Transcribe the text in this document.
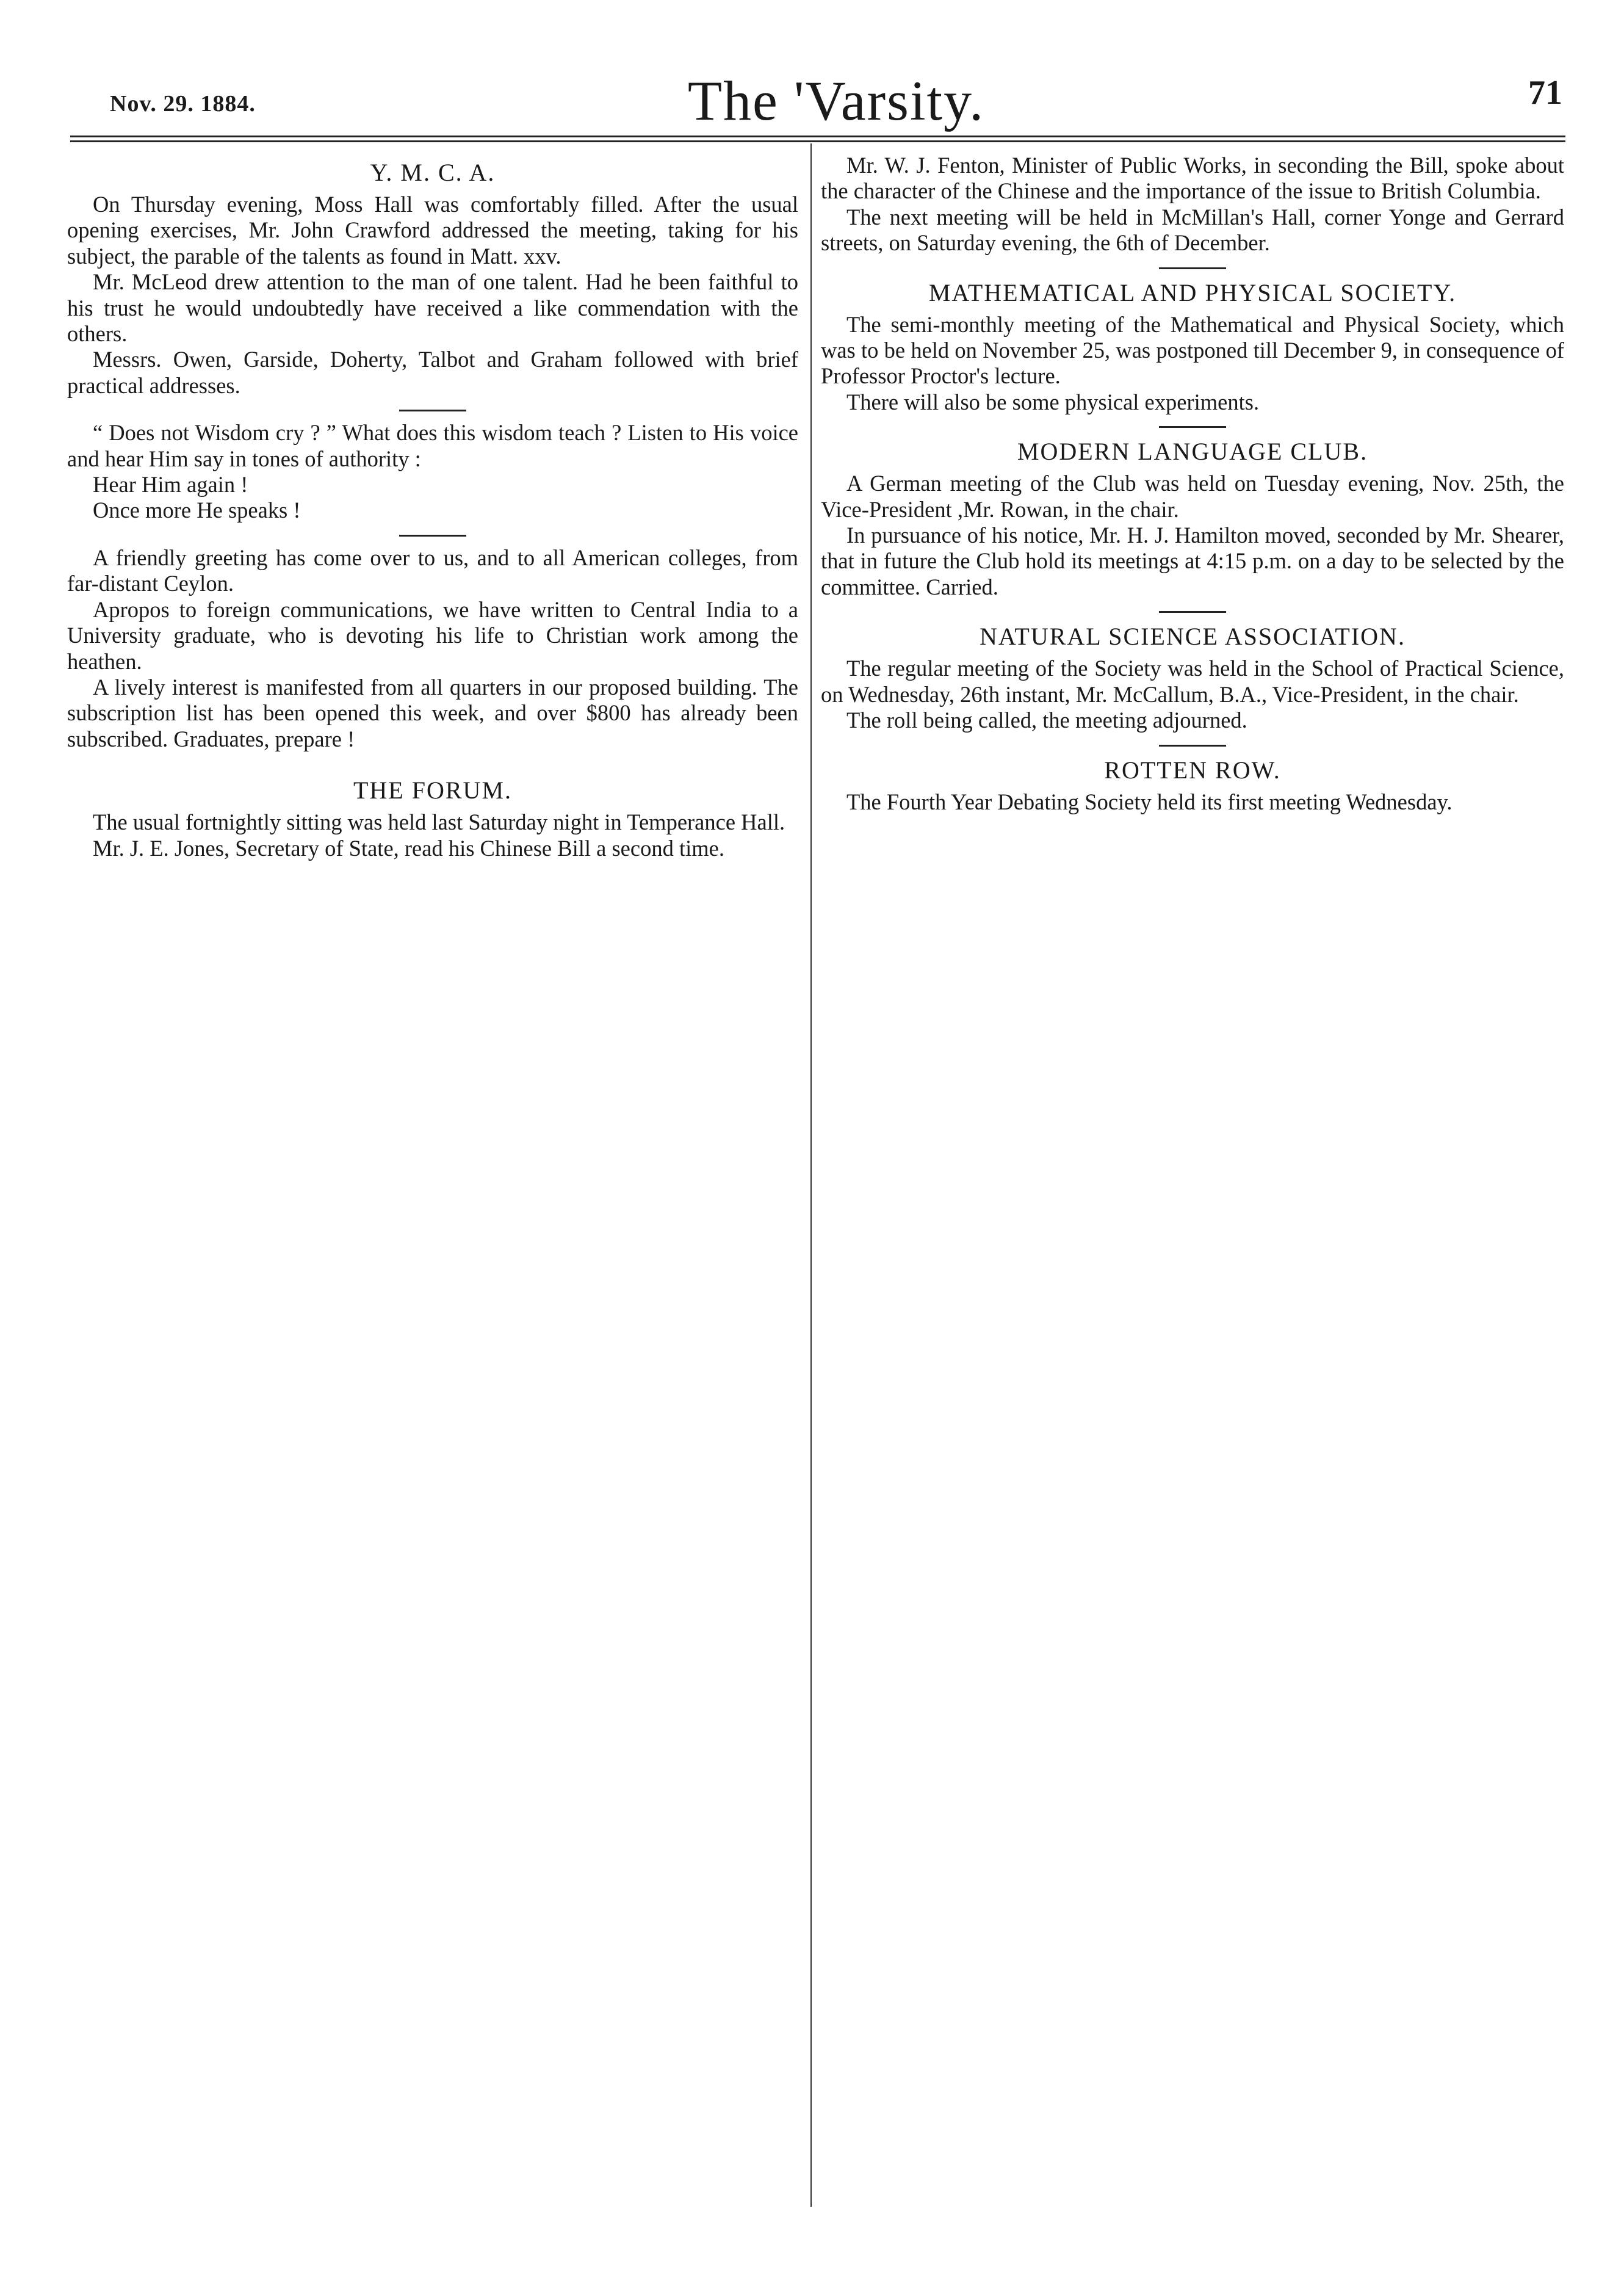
Nov. 29. 1884.	The 'Varsity.	71
Y. M. C. A.

On Thursday evening, Moss Hall was comfortably filled. After the usual opening exercises, Mr. John Crawford addressed the meeting, taking for his subject, the parable of the talents as found in Matt. xxv.

Mr. McLeod drew attention to the man of one talent. Had he been faithful to his trust he would undoubtedly have received a like commendation with the others.

Messrs. Owen, Garside, Doherty, Talbot and Graham followed with brief practical addresses.

“ Does not Wisdom cry ? ” What does this wisdom teach ? Listen to His voice and hear Him say in tones of authority :

Hear Him again !

Once more He speaks !

A friendly greeting has come over to us, and to all American colleges, from far-distant Ceylon.

Apropos to foreign communications, we have written to Central India to a University graduate, who is devoting his life to Christian work among the heathen.

A lively interest is manifested from all quarters in our proposed building. The subscription list has been opened this week, and over $800 has already been subscribed. Graduates, prepare !

THE FORUM.

The usual fortnightly sitting was held last Saturday night in Temperance Hall.

Mr. J. E. Jones, Secretary of State, read his Chinese Bill a second time.

Mr. W. J. Fenton, Minister of Public Works, in seconding the Bill, spoke about the character of the Chinese and the importance of the issue to British Columbia.

The next meeting will be held in McMillan's Hall, corner Yonge and Gerrard streets, on Saturday evening, the 6th of December.

MATHEMATICAL AND PHYSICAL SOCIETY.

The semi-monthly meeting of the Mathematical and Physical Society, which was to be held on November 25, was postponed till December 9, in consequence of Professor Proctor's lecture.

There will also be some physical experiments.

MODERN LANGUAGE CLUB.

A German meeting of the Club was held on Tuesday evening, Nov. 25th, the Vice-President ,Mr. Rowan, in the chair.

In pursuance of his notice, Mr. H. J. Hamilton moved, seconded by Mr. Shearer, that in future the Club hold its meetings at 4:15 p.m. on a day to be selected by the committee. Carried.

NATURAL SCIENCE ASSOCIATION.

The regular meeting of the Society was held in the School of Practical Science, on Wednesday, 26th instant, Mr. McCallum, B.A., Vice-President, in the chair.

The roll being called, the meeting adjourned.

ROTTEN ROW.

The Fourth Year Debating Society held its first meeting Wednesday.
